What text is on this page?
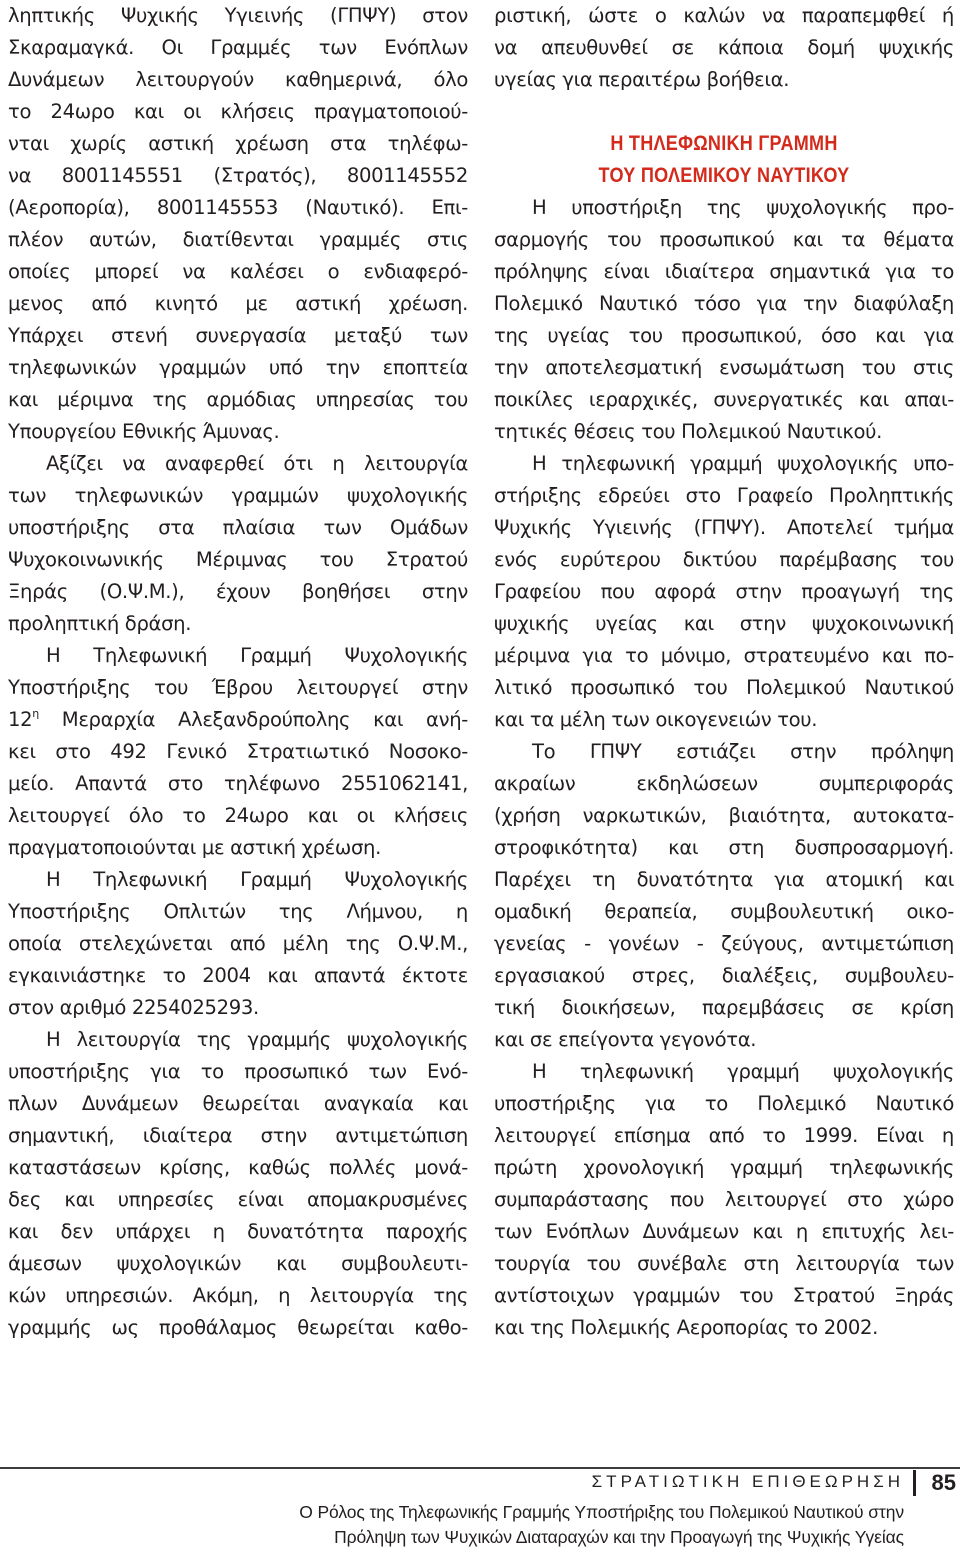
ληπτικής Ψυχικής Υγιεινής (ΓΠΨΥ) στον
Σκαραμαγκά. Οι Γραμμές των Ενόπλων
Δυνάμεων λειτουργούν καθημερινά, όλο
το 24ωρο και οι κλήσεις πραγματοποιού-
νται χωρίς αστική χρέωση στα τηλέφω-
να 8001145551 (Στρατός), 8001145552
(Αεροπορία), 8001145553 (Ναυτικό). Επι-
πλέον αυτών, διατίθενται γραμμές στις
οποίες μπορεί να καλέσει ο ενδιαφερό-
μενος από κινητό με αστική χρέωση.
Υπάρχει στενή συνεργασία μεταξύ των
τηλεφωνικών γραμμών υπό την εποπτεία
και μέριμνα της αρμόδιας υπηρεσίας του
Υπουργείου Εθνικής Άμυνας.
Αξίζει να αναφερθεί ότι η λειτουργία
των τηλεφωνικών γραμμών ψυχολογικής
υποστήριξης στα πλαίσια των Ομάδων
Ψυχοκοινωνικής Μέριμνας του Στρατού
Ξηράς (Ο.Ψ.Μ.), έχουν βοηθήσει στην
προληπτική δράση.
Η Τηλεφωνική Γραμμή Ψυχολογικής
Υποστήριξης του Έβρου λειτουργεί στην
$12^\eta$ Μεραρχία Αλεξανδρούπολης και ανή-
κει στο 492 Γενικό Στρατιωτικό Νοσοκο-
μείο. Απαντά στο τηλέφωνο 2551062141,
λειτουργεί όλο το 24ωρο και οι κλήσεις
πραγματοποιούνται με αστική χρέωση.
Η Τηλεφωνική Γραμμή Ψυχολογικής
Υποστήριξης Οπλιτών της Λήμνου, η
οποία στελεχώνεται από μέλη της Ο.Ψ.Μ.,
εγκαινιάστηκε το 2004 και απαντά έκτοτε
στον αριθμό 2254025293.
Η λειτουργία της γραμμής ψυχολογικής
υποστήριξης για το προσωπικό των Ενό-
πλων Δυνάμεων θεωρείται αναγκαία και
σημαντική, ιδιαίτερα στην αντιμετώπιση
καταστάσεων κρίσης, καθώς πολλές μονά-
δες και υπηρεσίες είναι απομακρυσμένες
και δεν υπάρχει η δυνατότητα παροχής
άμεσων ψυχολογικών και συμβουλευτι-
κών υπηρεσιών. Ακόμη, η λειτουργία της
γραμμής ως προθάλαμος θεωρείται καθο-
ριστική, ώστε ο καλών να παραπεμφθεί ή
να απευθυνθεί σε κάποια δομή ψυχικής
υγείας για περαιτέρω βοήθεια.
Η ΤΗΛΕΦΩΝΙΚΗ ΓΡΑΜΜΗ
ΤΟΥ ΠΟΛΕΜΙΚΟΥ ΝΑΥΤΙΚΟΥ
Η υποστήριξη της ψυχολογικής προ-
σαρμογής του προσωπικού και τα θέματα
πρόληψης είναι ιδιαίτερα σημαντικά για το
Πολεμικό Ναυτικό τόσο για την διαφύλαξη
της υγείας του προσωπικού, όσο και για
την αποτελεσματική ενσωμάτωση του στις
ποικίλες ιεραρχικές, συνεργατικές και απαι-
τητικές θέσεις του Πολεμικού Ναυτικού.
Η τηλεφωνική γραμμή ψυχολογικής υπο-
στήριξης εδρεύει στο Γραφείο Προληπτικής
Ψυχικής Υγιεινής (ΓΠΨΥ). Αποτελεί τμήμα
ενός ευρύτερου δικτύου παρέμβασης του
Γραφείου που αφορά στην προαγωγή της
ψυχικής υγείας και στην ψυχοκοινωνική
μέριμνα για το μόνιμο, στρατευμένο και πο-
λιτικό προσωπικό του Πολεμικού Ναυτικού
και τα μέλη των οικογενειών του.
Το ΓΠΨΥ εστιάζει στην πρόληψη
ακραίων εκδηλώσεων συμπεριφοράς
(χρήση ναρκωτικών, βιαιότητα, αυτοκατα-
στροφικότητα) και στη δυσπροσαρμογή.
Παρέχει τη δυνατότητα για ατομική και
ομαδική θεραπεία, συμβουλευτική οικο-
γενείας - γονέων - ζεύγους, αντιμετώπιση
εργασιακού στρες, διαλέξεις, συμβουλευ-
τική διοικήσεων, παρεμβάσεις σε κρίση
και σε επείγοντα γεγονότα.
Η τηλεφωνική γραμμή ψυχολογικής
υποστήριξης για το Πολεμικό Ναυτικό
λειτουργεί επίσημα από το 1999. Είναι η
πρώτη χρονολογική γραμμή τηλεφωνικής
συμπαράστασης που λειτουργεί στο χώρο
των Ενόπλων Δυνάμεων και η επιτυχής λει-
τουργία του συνέβαλε στη λειτουργία των
αντίστοιχων γραμμών του Στρατού Ξηράς
και της Πολεμικής Αεροπορίας το 2002.
ΣΤΡΑΤΙΩΤΙΚΗ ΕΠΙΘΕΩΡΗΣΗ 85
Ο Ρόλος της Τηλεφωνικής Γραμμής Υποστήριξης του Πολεμικού Ναυτικού στην
Πρόληψη των Ψυχικών Διαταραχών και την Προαγωγή της Ψυχικής Υγείας
